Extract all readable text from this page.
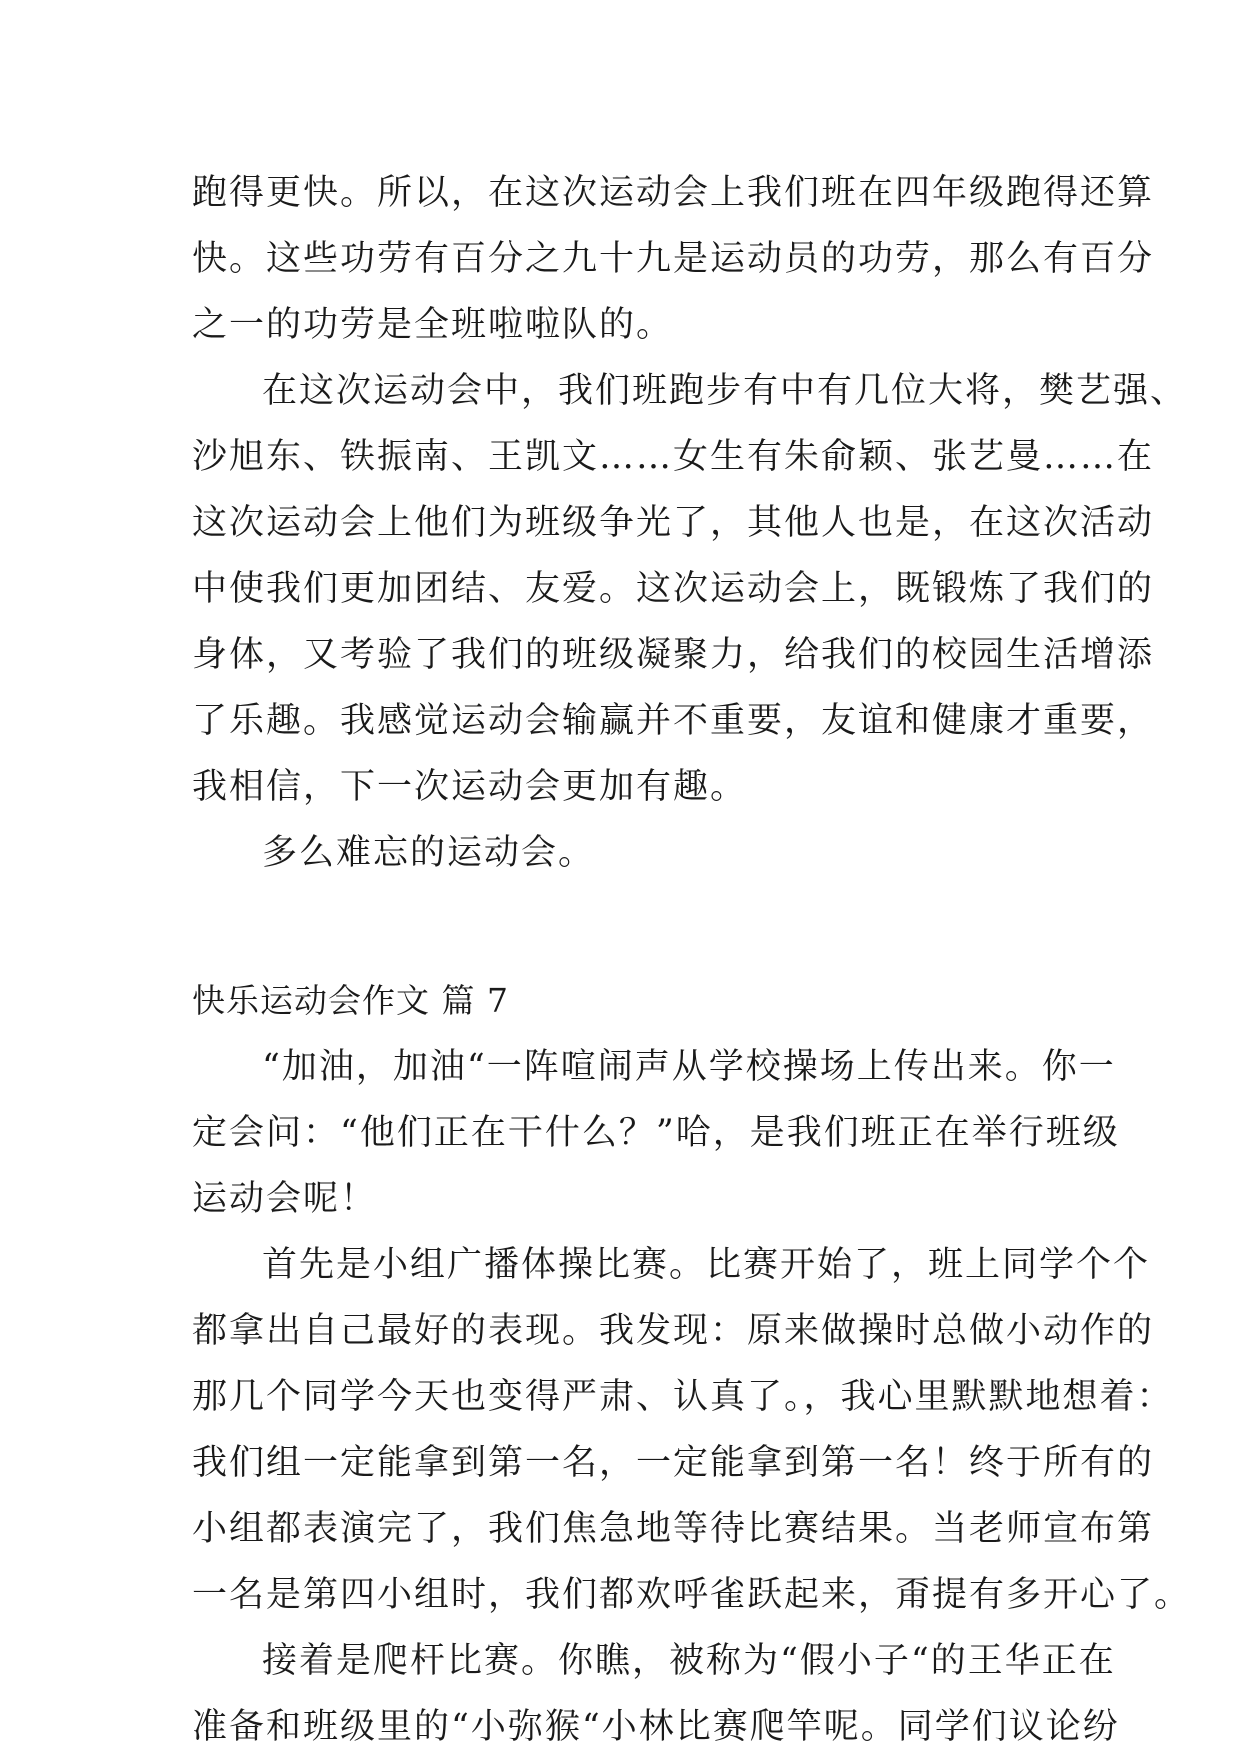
跑得更快。所以，在这次运动会上我们班在四年级跑得还算
快。这些功劳有百分之九十九是运动员的功劳，那么有百分
之一的功劳是全班啦啦队的。
在这次运动会中，我们班跑步有中有几位大将，樊艺强、
沙旭东、铁振南、王凯文……女生有朱俞颖、张艺曼……在
这次运动会上他们为班级争光了，其他人也是，在这次活动
中使我们更加团结、友爱。这次运动会上，既锻炼了我们的
身体，又考验了我们的班级凝聚力，给我们的校园生活增添
了乐趣。我感觉运动会输赢并不重要，友谊和健康才重要，
我相信，下一次运动会更加有趣。
多么难忘的运动会。
快乐运动会作文 篇 7
“加油，加油“一阵喧闹声从学校操场上传出来。你一
定会问：“他们正在干什么？”哈，是我们班正在举行班级
运动会呢！
首先是小组广播体操比赛。比赛开始了，班上同学个个
都拿出自己最好的表现。我发现：原来做操时总做小动作的
那几个同学今天也变得严肃、认真了。，我心里默默地想着：
我们组一定能拿到第一名，一定能拿到第一名！终于所有的
小组都表演完了，我们焦急地等待比赛结果。当老师宣布第
一名是第四小组时，我们都欢呼雀跃起来，甭提有多开心了。
接着是爬杆比赛。你瞧，被称为“假小子“的王华正在
准备和班级里的“小弥猴“小林比赛爬竿呢。同学们议论纷
